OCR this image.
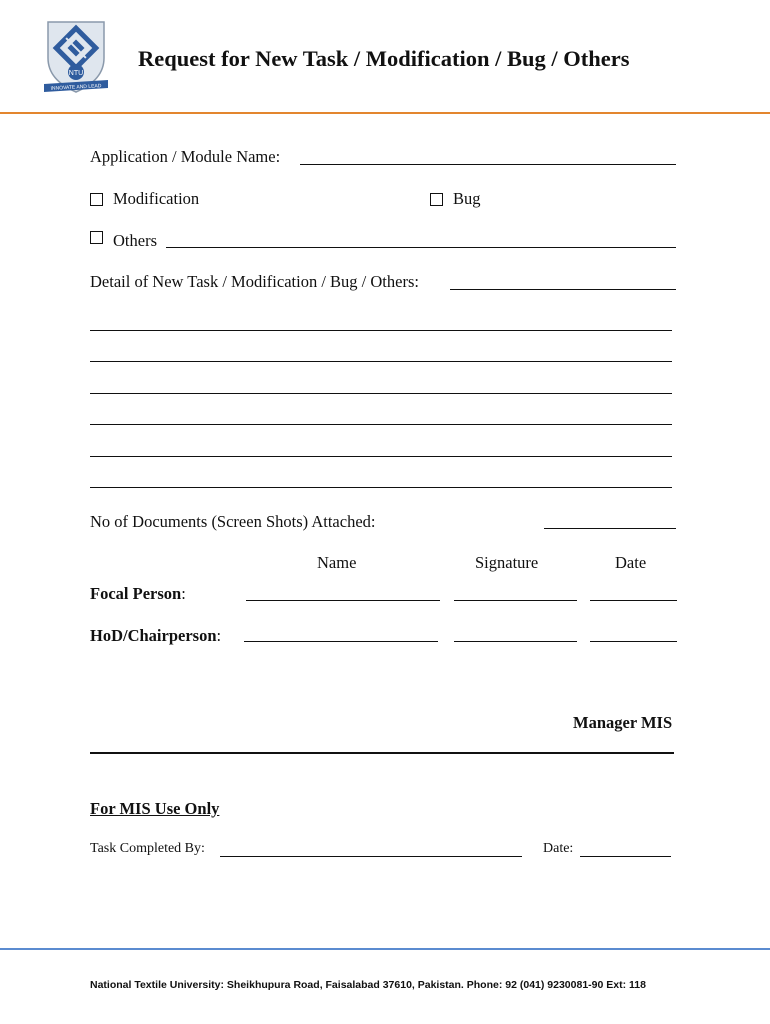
NTU
INNOVATE AND LEAD
Request for New Task / Modification / Bug / Others
Application / Module Name:
Modification	Bug
Others
Detail of New Task / Modification / Bug / Others:
No of Documents (Screen Shots) Attached:
Name	Signature	Date
Focal Person:
HoD/Chairperson:
Manager MIS
For MIS Use Only
Task Completed By:	Date:
National Textile University: Sheikhupura Road, Faisalabad 37610, Pakistan. Phone: 92 (041) 9230081-90 Ext: 118
